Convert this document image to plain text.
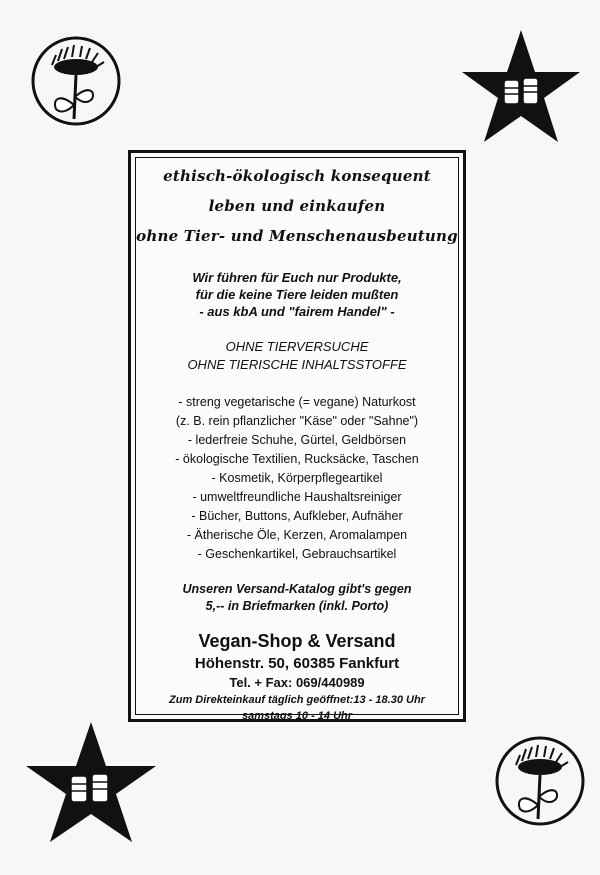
ethisch-ökologisch konsequent

leben und einkaufen

ohne Tier- und Menschenausbeutung

Wir führen für Euch nur Produkte,
für die keine Tiere leiden mußten
- aus kbA und "fairem Handel" -
OHNE TIERVERSUCHE
OHNE TIERISCHE INHALTSSTOFFE
- streng vegetarische (= vegane) Naturkost
(z. B. rein pflanzlicher "Käse" oder "Sahne")
- lederfreie Schuhe, Gürtel, Geldbörsen
- ökologische Textilien, Rucksäcke, Taschen
- Kosmetik, Körperpflegeartikel
- umweltfreundliche Haushaltsreiniger
- Bücher, Buttons, Aufkleber, Aufnäher
- Ätherische Öle, Kerzen, Aromalampen
- Geschenkartikel, Gebrauchsartikel
Unseren Versand-Katalog gibt's gegen
5,-- in Briefmarken (inkl. Porto)
Vegan-Shop & Versand
Höhenstr. 50, 60385 Fankfurt
Tel. + Fax: 069/440989
Zum Direkteinkauf täglich geöffnet:13 - 18.30 Uhr
samstags 10 - 14 Uhr
